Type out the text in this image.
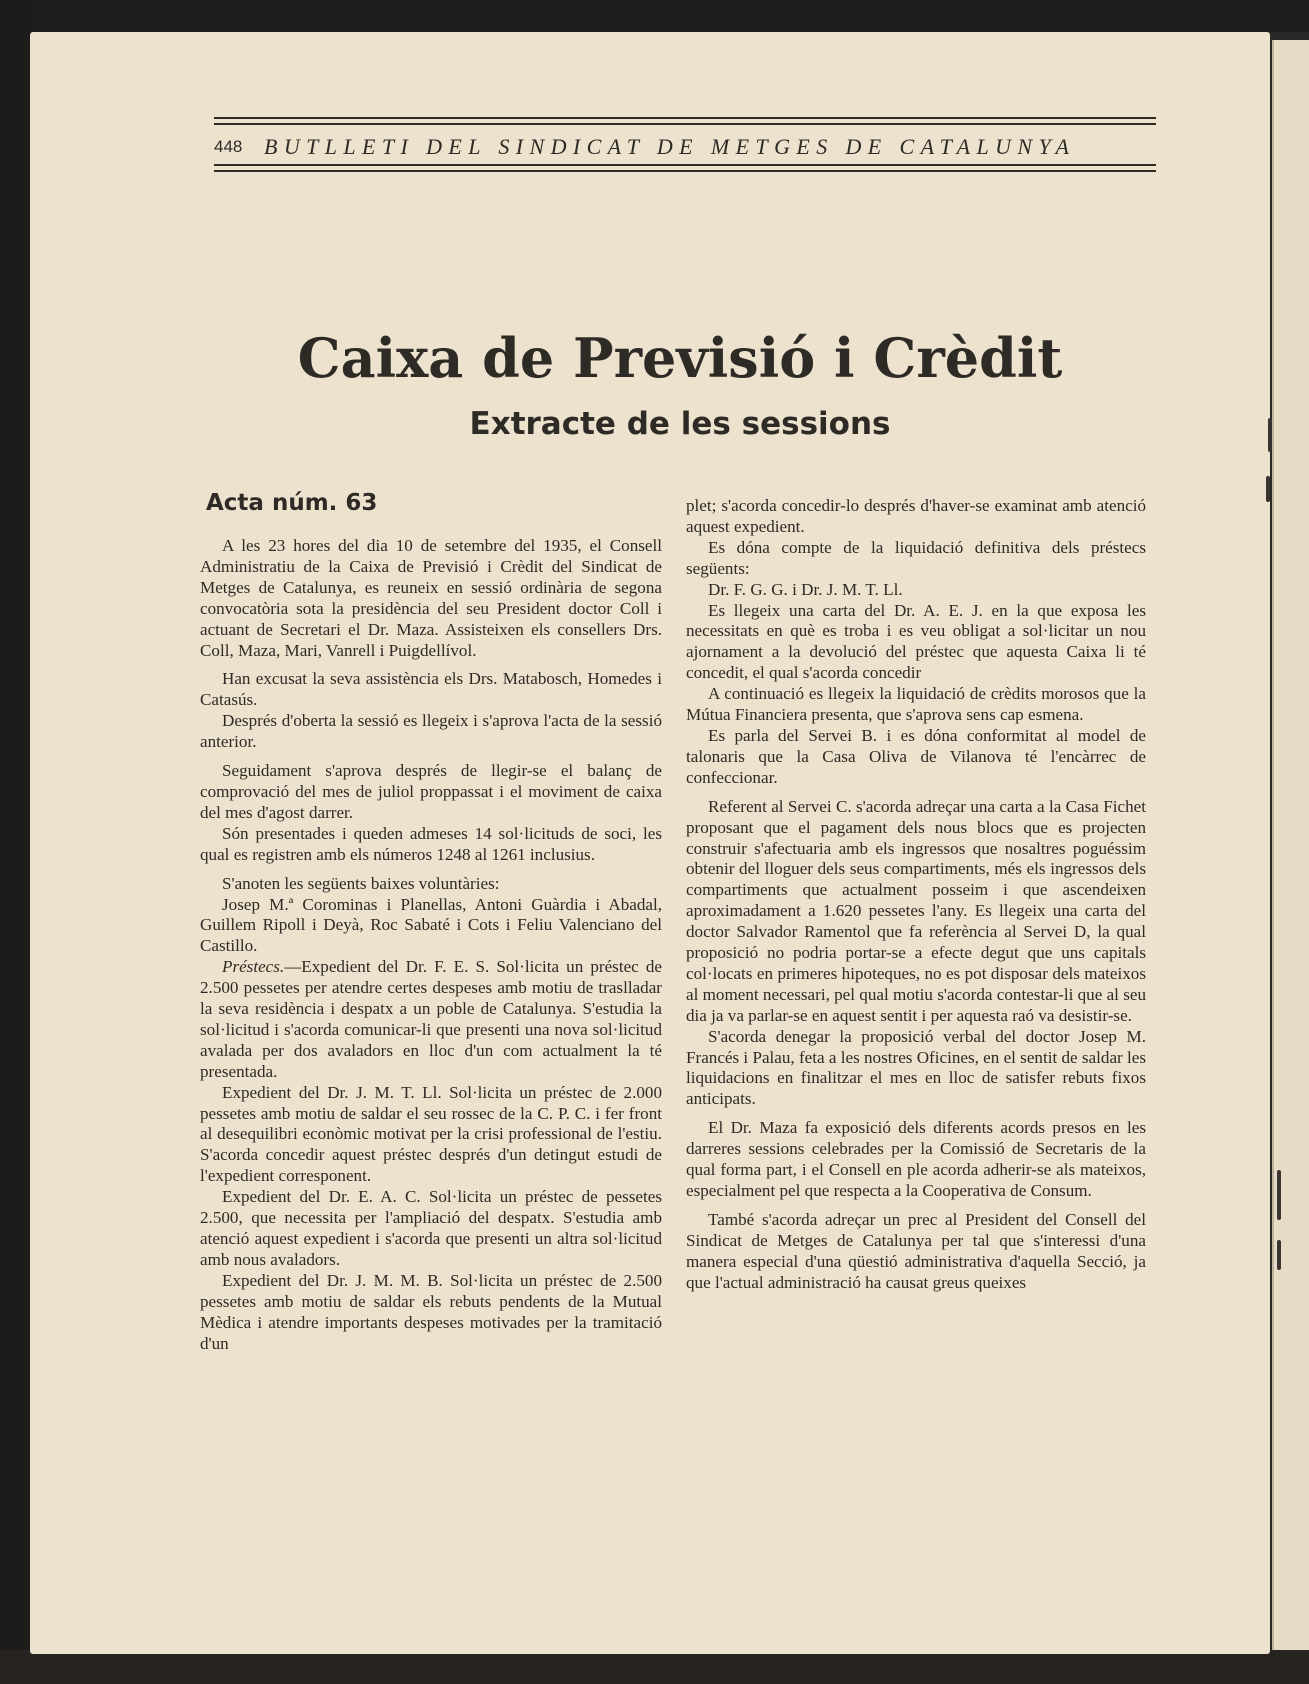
448 BUTLLETI DEL SINDICAT DE METGES DE CATALUNYA
Caixa de Previsió i Crèdit
Extracte de les sessions
Acta núm. 63

A les 23 hores del dia 10 de setembre del 1935, el Consell Administratiu de la Caixa de Previsió i Crèdit del Sindicat de Metges de Catalunya, es reuneix en sessió ordinària de segona convocatòria sota la presidència del seu President doctor Coll i actuant de Secretari el Dr. Maza. Assisteixen els consellers Drs. Coll, Maza, Mari, Vanrell i Puigdellívol.

Han excusat la seva assistència els Drs. Matabosch, Homedes i Catasús.

Després d'oberta la sessió es llegeix i s'aprova l'acta de la sessió anterior.

Seguidament s'aprova després de llegir-se el balanç de comprovació del mes de juliol proppassat i el moviment de caixa del mes d'agost darrer.

Són presentades i queden admeses 14 sol·licituds de soci, les qual es registren amb els números 1248 al 1261 inclusius.

S'anoten les següents baixes voluntàries:

Josep M.ª Corominas i Planellas, Antoni Guàrdia i Abadal, Guillem Ripoll i Deyà, Roc Sabaté i Cots i Feliu Valenciano del Castillo.

Préstecs.—Expedient del Dr. F. E. S. Sol·licita un préstec de 2.500 pessetes per atendre certes despeses amb motiu de traslladar la seva residència i despatx a un poble de Catalunya. S'estudia la sol·licitud i s'acorda comunicar-li que presenti una nova sol·licitud avalada per dos avaladors en lloc d'un com actualment la té presentada.

Expedient del Dr. J. M. T. Ll. Sol·licita un préstec de 2.000 pessetes amb motiu de saldar el seu rossec de la C. P. C. i fer front al desequilibri econòmic motivat per la crisi professional de l'estiu. S'acorda concedir aquest préstec després d'un detingut estudi de l'expedient corresponent.

Expedient del Dr. E. A. C. Sol·licita un préstec de pessetes 2.500, que necessita per l'ampliació del despatx. S'estudia amb atenció aquest expedient i s'acorda que presenti un altra sol·licitud amb nous avaladors.

Expedient del Dr. J. M. M. B. Sol·licita un préstec de 2.500 pessetes amb motiu de saldar els rebuts pendents de la Mutual Mèdica i atendre importants despeses motivades per la tramitació d'un

plet; s'acorda concedir-lo després d'haver-se examinat amb atenció aquest expedient.

Es dóna compte de la liquidació definitiva dels préstecs següents:

Dr. F. G. G. i Dr. J. M. T. Ll.

Es llegeix una carta del Dr. A. E. J. en la que exposa les necessitats en què es troba i es veu obligat a sol·licitar un nou ajornament a la devolució del préstec que aquesta Caixa li té concedit, el qual s'acorda concedir

A continuació es llegeix la liquidació de crèdits morosos que la Mútua Financiera presenta, que s'aprova sens cap esmena.

Es parla del Servei B. i es dóna conformitat al model de talonaris que la Casa Oliva de Vilanova té l'encàrrec de confeccionar.

Referent al Servei C. s'acorda adreçar una carta a la Casa Fichet proposant que el pagament dels nous blocs que es projecten construir s'afectuaria amb els ingressos que nosaltres poguéssim obtenir del lloguer dels seus compartiments, més els ingressos dels compartiments que actualment posseim i que ascendeixen aproximadament a 1.620 pessetes l'any. Es llegeix una carta del doctor Salvador Ramentol que fa referència al Servei D, la qual proposició no podria portar-se a efecte degut que uns capitals col·locats en primeres hipoteques, no es pot disposar dels mateixos al moment necessari, pel qual motiu s'acorda contestar-li que al seu dia ja va parlar-se en aquest sentit i per aquesta raó va desistir-se.

S'acorda denegar la proposició verbal del doctor Josep M. Francés i Palau, feta a les nostres Oficines, en el sentit de saldar les liquidacions en finalitzar el mes en lloc de satisfer rebuts fixos anticipats.

El Dr. Maza fa exposició dels diferents acords presos en les darreres sessions celebrades per la Comissió de Secretaris de la qual forma part, i el Consell en ple acorda adherir-se als mateixos, especialment pel que respecta a la Cooperativa de Consum.

També s'acorda adreçar un prec al President del Consell del Sindicat de Metges de Catalunya per tal que s'interessi d'una manera especial d'una qüestió administrativa d'aquella Secció, ja que l'actual administració ha causat greus queixes
